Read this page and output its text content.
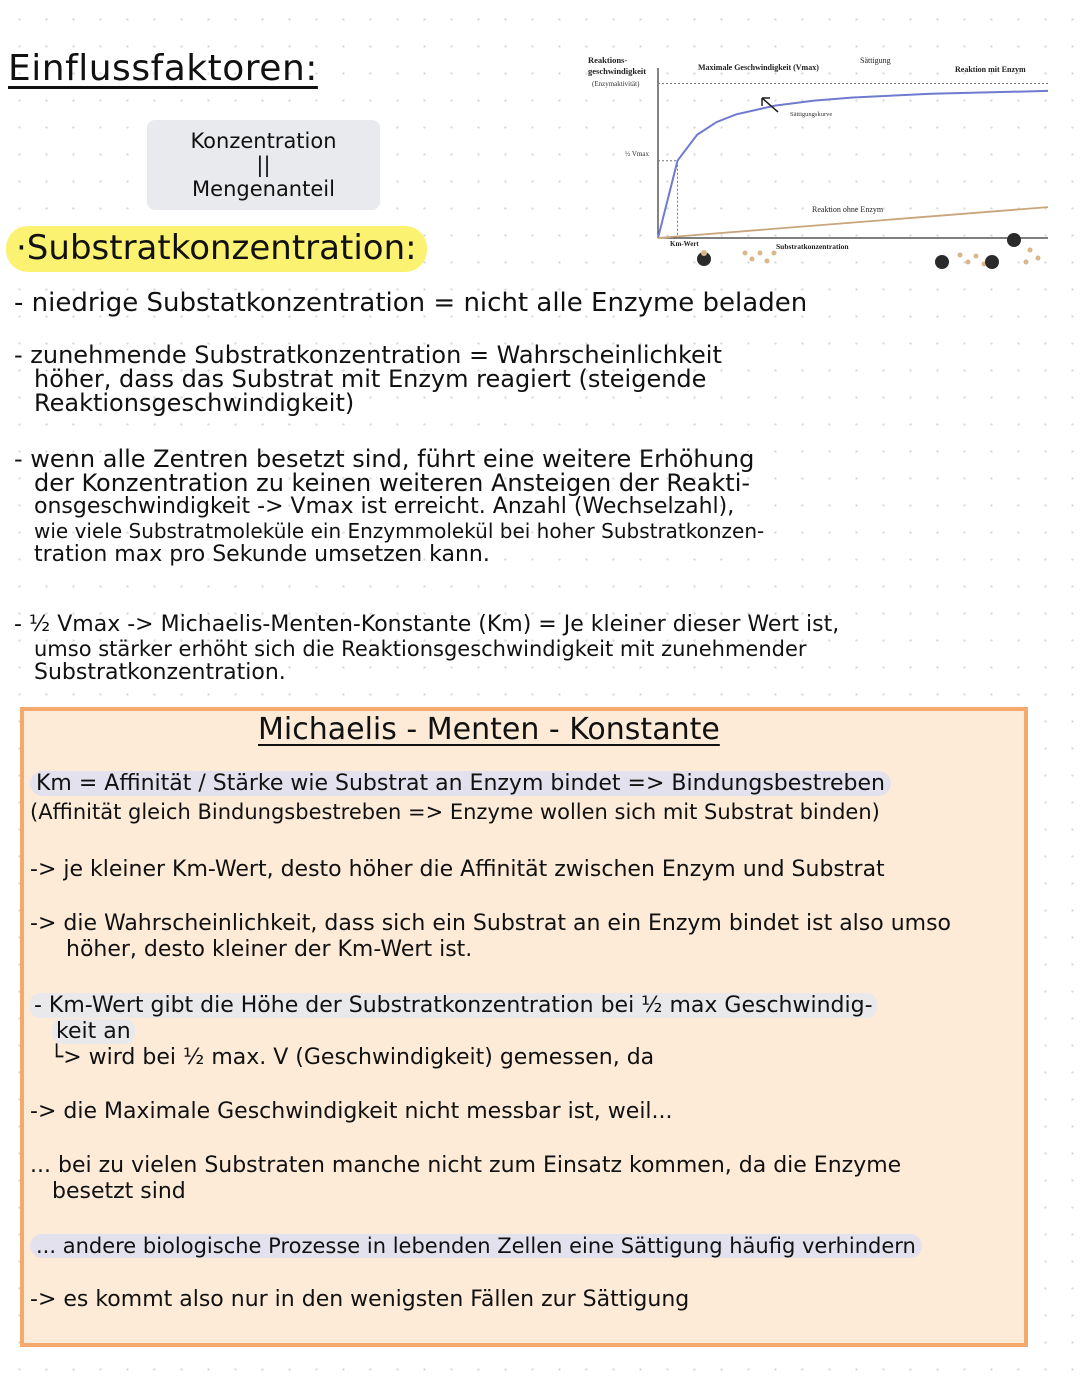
Einflussfaktoren:
Konzentration
||
Mengenanteil
·Substratkonzentration:
Reaktions-
geschwindigkeit
(Enzymaktivität)
Maximale Geschwindigkeit (Vmax)
Sättigung
Reaktion mit Enzym
½ Vmax
Sättigungskurve
Reaktion ohne Enzym
Km-Wert	Substratkonzentration
- niedrige Substatkonzentration = nicht alle Enzyme beladen
- zunehmende Substratkonzentration = Wahrscheinlichkeit
höher, dass das Substrat mit Enzym reagiert (steigende
Reaktionsgeschwindigkeit)
- wenn alle Zentren besetzt sind, führt eine weitere Erhöhung
der Konzentration zu keinen weiteren Ansteigen der Reakti-
onsgeschwindigkeit -> Vmax ist erreicht. Anzahl (Wechselzahl),
wie viele Substratmoleküle ein Enzymmolekül bei hoher Substratkonzen-
tration max pro Sekunde umsetzen kann.
- ½ Vmax -> Michaelis-Menten-Konstante (Km) = Je kleiner dieser Wert ist,
umso stärker erhöht sich die Reaktionsgeschwindigkeit mit zunehmender
Substratkonzentration.
Michaelis - Menten - Konstante
Km = Affinität / Stärke wie Substrat an Enzym bindet => Bindungsbestreben
(Affinität gleich Bindungsbestreben => Enzyme wollen sich mit Substrat binden)
-> je kleiner Km-Wert, desto höher die Affinität zwischen Enzym und Substrat
-> die Wahrscheinlichkeit, dass sich ein Substrat an ein Enzym bindet ist also umso
höher, desto kleiner der Km-Wert ist.
- Km-Wert gibt die Höhe der Substratkonzentration bei ½ max Geschwindig-
keit an
└> wird bei ½ max. V (Geschwindigkeit) gemessen, da
-> die Maximale Geschwindigkeit nicht messbar ist, weil...
... bei zu vielen Substraten manche nicht zum Einsatz kommen, da die Enzyme
besetzt sind
... andere biologische Prozesse in lebenden Zellen eine Sättigung häufig verhindern
-> es kommt also nur in den wenigsten Fällen zur Sättigung
